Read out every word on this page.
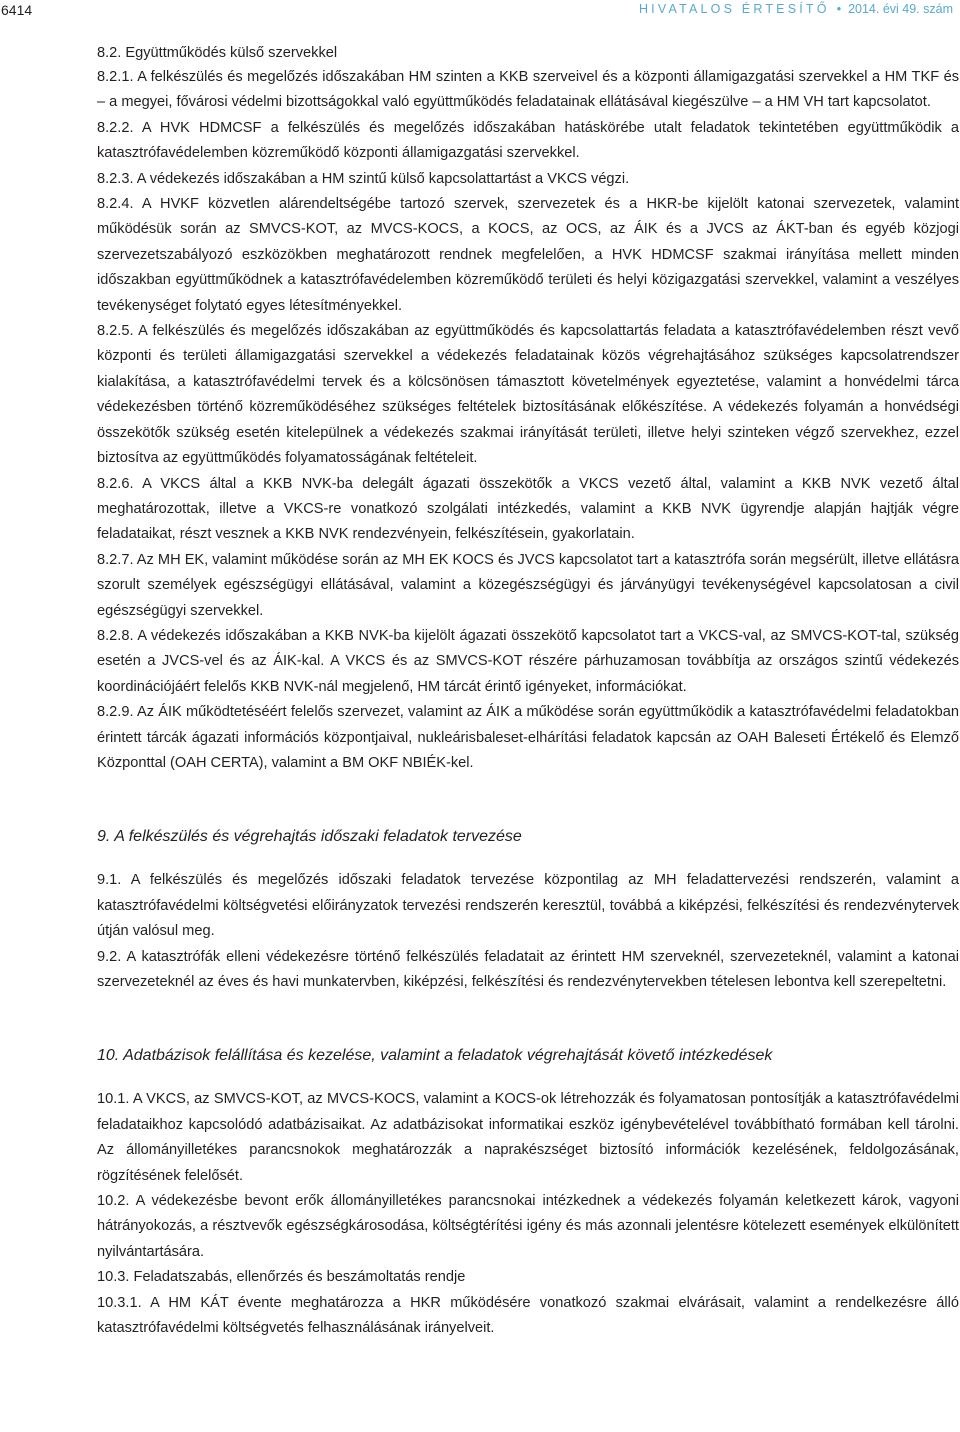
6414	HIVATALOS ÉRTESÍTŐ • 2014. évi 49. szám
8.2. Együttműködés külső szervekkel
8.2.1. A felkészülés és megelőzés időszakában HM szinten a KKB szerveivel és a központi államigazgatási szervekkel a HM TKF és – a megyei, fővárosi védelmi bizottságokkal való együttműködés feladatainak ellátásával kiegészülve – a HM VH tart kapcsolatot.
8.2.2. A HVK HDMCSF a felkészülés és megelőzés időszakában hatáskörébe utalt feladatok tekintetében együttműködik a katasztrófavédelemben közreműködő központi államigazgatási szervekkel.
8.2.3. A védekezés időszakában a HM szintű külső kapcsolattartást a VKCS végzi.
8.2.4. A HVKF közvetlen alárendeltségébe tartozó szervek, szervezetek és a HKR-be kijelölt katonai szervezetek, valamint működésük során az SMVCS-KOT, az MVCS-KOCS, a KOCS, az OCS, az ÁIK és a JVCS az ÁKT-ban és egyéb közjogi szervezetszabályozó eszközökben meghatározott rendnek megfelelően, a HVK HDMCSF szakmai irányítása mellett minden időszakban együttműködnek a katasztrófavédelemben közreműködő területi és helyi közigazgatási szervekkel, valamint a veszélyes tevékenységet folytató egyes létesítményekkel.
8.2.5. A felkészülés és megelőzés időszakában az együttműködés és kapcsolattartás feladata a katasztrófavédelemben részt vevő központi és területi államigazgatási szervekkel a védekezés feladatainak közös végrehajtásához szükséges kapcsolatrendszer kialakítása, a katasztrófavédelmi tervek és a kölcsönösen támasztott követelmények egyeztetése, valamint a honvédelmi tárca védekezésben történő közreműködéséhez szükséges feltételek biztosításának előkészítése. A védekezés folyamán a honvédségi összekötők szükség esetén kitelepülnek a védekezés szakmai irányítását területi, illetve helyi szinteken végző szervekhez, ezzel biztosítva az együttműködés folyamatosságának feltételeit.
8.2.6. A VKCS által a KKB NVK-ba delegált ágazati összekötők a VKCS vezető által, valamint a KKB NVK vezető által meghatározottak, illetve a VKCS-re vonatkozó szolgálati intézkedés, valamint a KKB NVK ügyrendje alapján hajtják végre feladataikat, részt vesznek a KKB NVK rendezvényein, felkészítésein, gyakorlatain.
8.2.7. Az MH EK, valamint működése során az MH EK KOCS és JVCS kapcsolatot tart a katasztrófa során megsérült, illetve ellátásra szorult személyek egészségügyi ellátásával, valamint a közegészségügyi és járványügyi tevékenységével kapcsolatosan a civil egészségügyi szervekkel.
8.2.8. A védekezés időszakában a KKB NVK-ba kijelölt ágazati összekötő kapcsolatot tart a VKCS-val, az SMVCS-KOT-tal, szükség esetén a JVCS-vel és az ÁIK-kal. A VKCS és az SMVCS-KOT részére párhuzamosan továbbítja az országos szintű védekezés koordinációjáért felelős KKB NVK-nál megjelenő, HM tárcát érintő igényeket, információkat.
8.2.9. Az ÁIK működtetéséért felelős szervezet, valamint az ÁIK a működése során együttműködik a katasztrófavédelmi feladatokban érintett tárcák ágazati információs központjaival, nukleárisbaleset-elhárítási feladatok kapcsán az OAH Baleseti Értékelő és Elemző Központtal (OAH CERTA), valamint a BM OKF NBIÉK-kel.
9. A felkészülés és végrehajtás időszaki feladatok tervezése
9.1. A felkészülés és megelőzés időszaki feladatok tervezése központilag az MH feladattervezési rendszerén, valamint a katasztrófavédelmi költségvetési előirányzatok tervezési rendszerén keresztül, továbbá a kiképzési, felkészítési és rendezvénytervek útján valósul meg.
9.2. A katasztrófák elleni védekezésre történő felkészülés feladatait az érintett HM szerveknél, szervezeteknél, valamint a katonai szervezeteknél az éves és havi munkatervben, kiképzési, felkészítési és rendezvénytervekben tételesen lebontva kell szerepeltetni.
10. Adatbázisok felállítása és kezelése, valamint a feladatok végrehajtását követő intézkedések
10.1. A VKCS, az SMVCS-KOT, az MVCS-KOCS, valamint a KOCS-ok létrehozzák és folyamatosan pontosítják a katasztrófavédelmi feladataikhoz kapcsolódó adatbázisaikat. Az adatbázisokat informatikai eszköz igénybevételével továbbítható formában kell tárolni. Az állományilletékes parancsnokok meghatározzák a naprakészséget biztosító információk kezelésének, feldolgozásának, rögzítésének felelősét.
10.2. A védekezésbe bevont erők állományilletékes parancsnokai intézkednek a védekezés folyamán keletkezett károk, vagyoni hátrányokozás, a résztvevők egészségkárosodása, költségtérítési igény és más azonnali jelentésre kötelezett események elkülönített nyilvántartására.
10.3. Feladatszabás, ellenőrzés és beszámoltatás rendje
10.3.1. A HM KÁT évente meghatározza a HKR működésére vonatkozó szakmai elvárásait, valamint a rendelkezésre álló katasztrófavédelmi költségvetés felhasználásának irányelveit.
